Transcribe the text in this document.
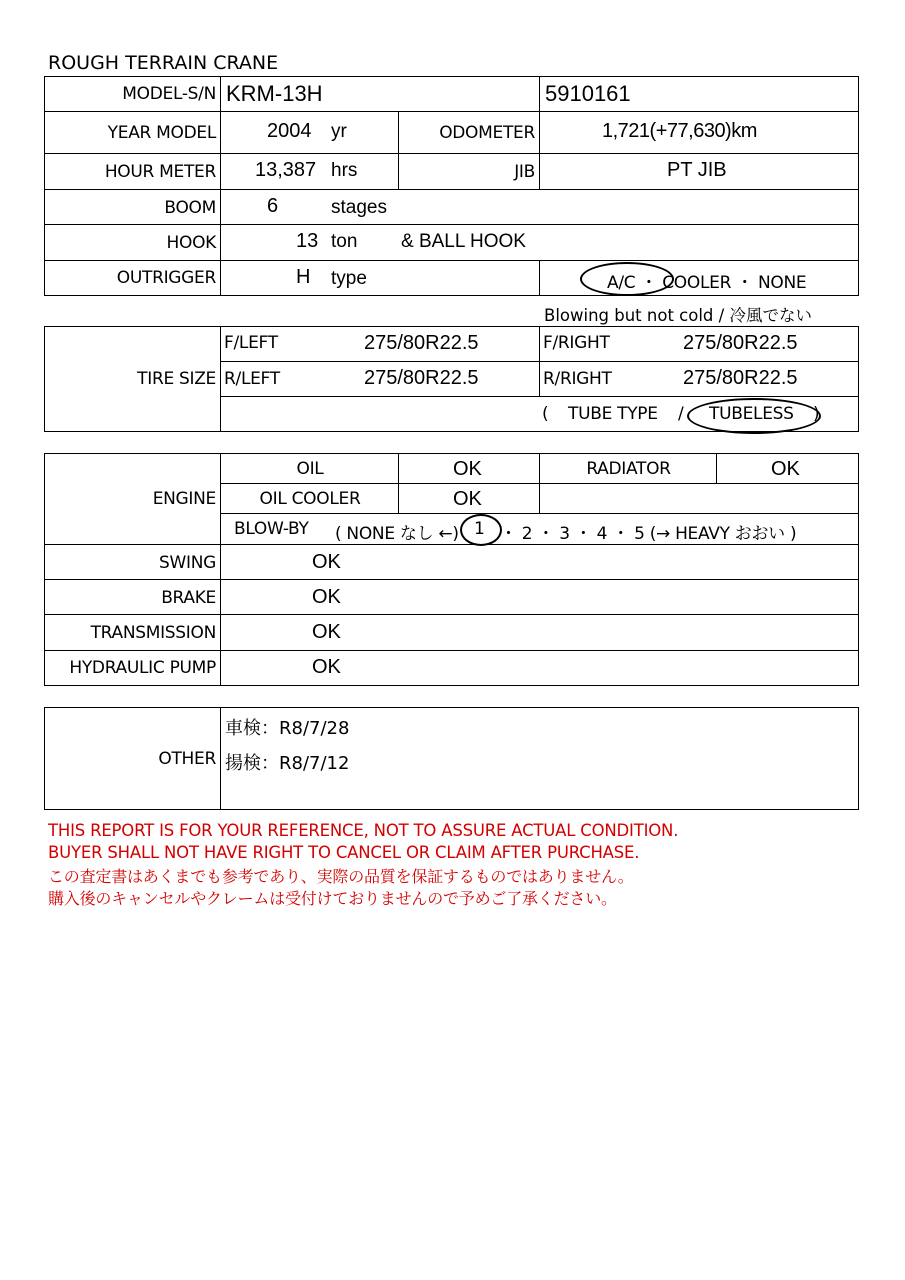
ROUGH TERRAIN CRANE
MODEL-S/N KRM-13H	5910161
YEAR MODEL	2004 yr	ODOMETER	1,721(+77,630)km
HOUR METER 13,387 hrs	JIB	PT JIB
BOOM	6	stages
HOOK	13 ton & BALL HOOK
OUTRIGGER	H type	A/C ・ COOLER ・ NONE
Blowing but not cold / 冷風でない
TIRE SIZE
F/LEFT	275/80R22.5	F/RIGHT	275/80R22.5
R/LEFT	275/80R22.5	R/RIGHT	275/80R22.5
( TUBE TYPE / TUBELESS )
ENGINE
OIL	OK	RADIATOR	OK
OIL COOLER	OK
BLOW-BY ( NONE なし ←) 1 ・ 2 ・ 3 ・ 4 ・ 5 (→ HEAVY おおい )
SWING	OK
BRAKE	OK
TRANSMISSION	OK
HYDRAULIC PUMP	OK
OTHER
車検：R8/7/28
揚検：R8/7/12
THIS REPORT IS FOR YOUR REFERENCE, NOT TO ASSURE ACTUAL CONDITION.
BUYER SHALL NOT HAVE RIGHT TO CANCEL OR CLAIM AFTER PURCHASE.
この査定書はあくまでも参考であり、実際の品質を保証するものではありません。
購入後のキャンセルやクレームは受付けておりませんので予めご了承ください。
